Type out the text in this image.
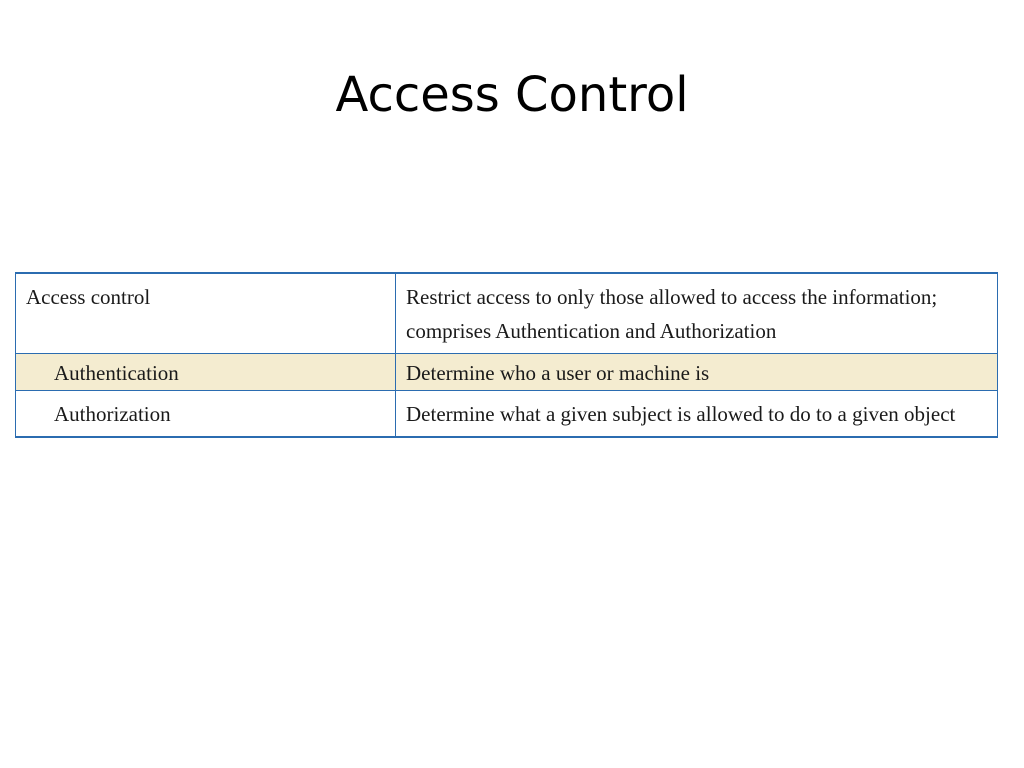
Access Control
Access control	Restrict access to only those allowed to access the information; comprises Authentication and Authorization
Authentication	Determine who a user or machine is
Authorization	Determine what a given subject is allowed to do to a given object
